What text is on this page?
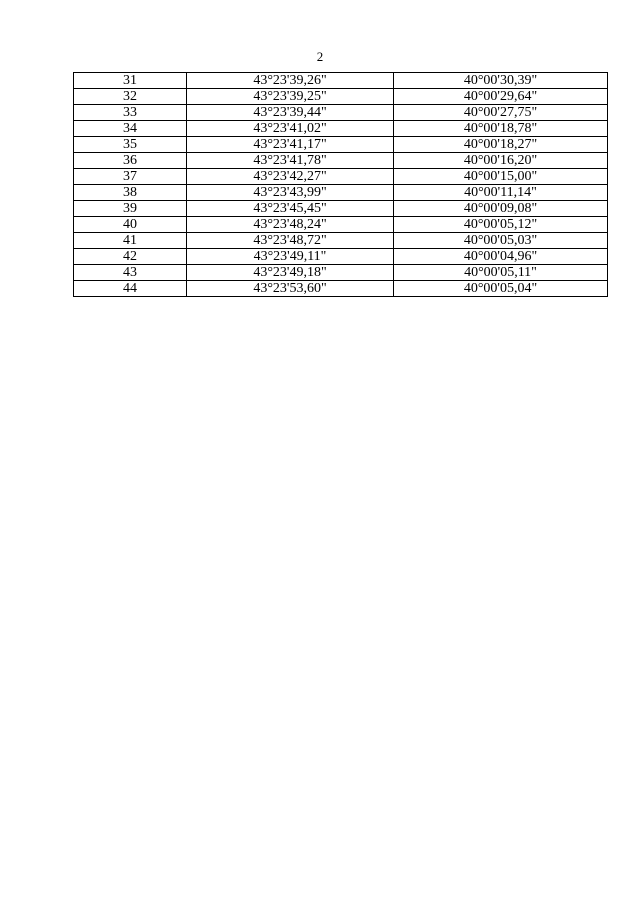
2
31	43°23'39,26"	40°00'30,39"
32	43°23'39,25"	40°00'29,64"
33	43°23'39,44"	40°00'27,75"
34	43°23'41,02"	40°00'18,78"
35	43°23'41,17"	40°00'18,27"
36	43°23'41,78"	40°00'16,20"
37	43°23'42,27"	40°00'15,00"
38	43°23'43,99"	40°00'11,14"
39	43°23'45,45"	40°00'09,08"
40	43°23'48,24"	40°00'05,12"
41	43°23'48,72"	40°00'05,03"
42	43°23'49,11"	40°00'04,96"
43	43°23'49,18"	40°00'05,11"
44	43°23'53,60"	40°00'05,04"
